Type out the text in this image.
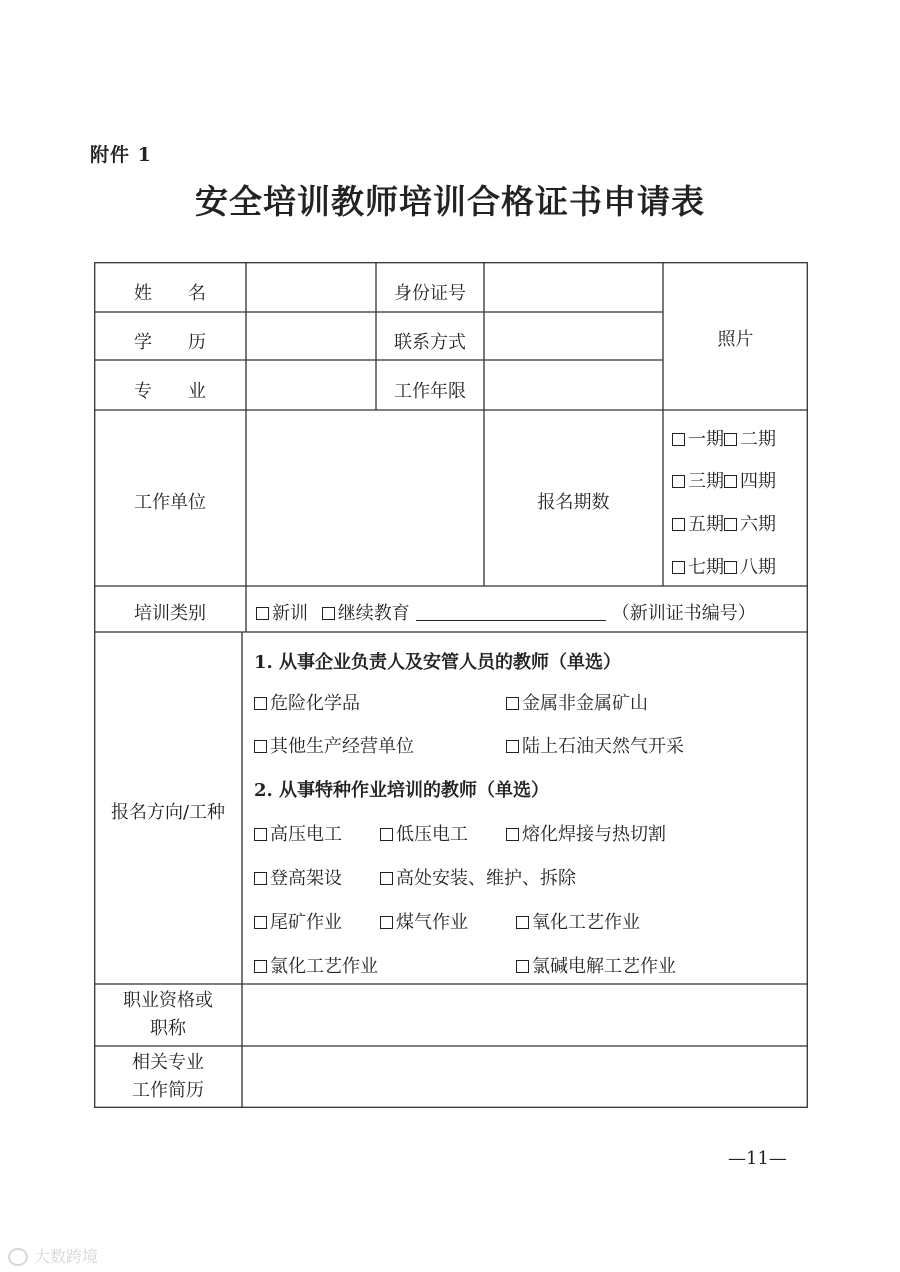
附件 1
安全培训教师培训合格证书申请表
姓　　名	身份证号
照片
学　　历	联系方式
专　　业	工作年限
工作单位	报名期数
一期 二期
三期 四期
五期 六期
七期 八期
培训类别	新训 继续教育	（新训证书编号）
报名方向/工种
1. 从事企业负责人及安管人员的教师（单选）
危险化学品	金属非金属矿山
其他生产经营单位	陆上石油天然气开采
2. 从事特种作业培训的教师（单选）
高压电工	低压电工	熔化焊接与热切割
登高架设	高处安装、维护、拆除
尾矿作业	煤气作业	氧化工艺作业
氯化工艺作业	氯碱电解工艺作业
职业资格或
职称
相关专业
工作简历
—11—
大数跨境
